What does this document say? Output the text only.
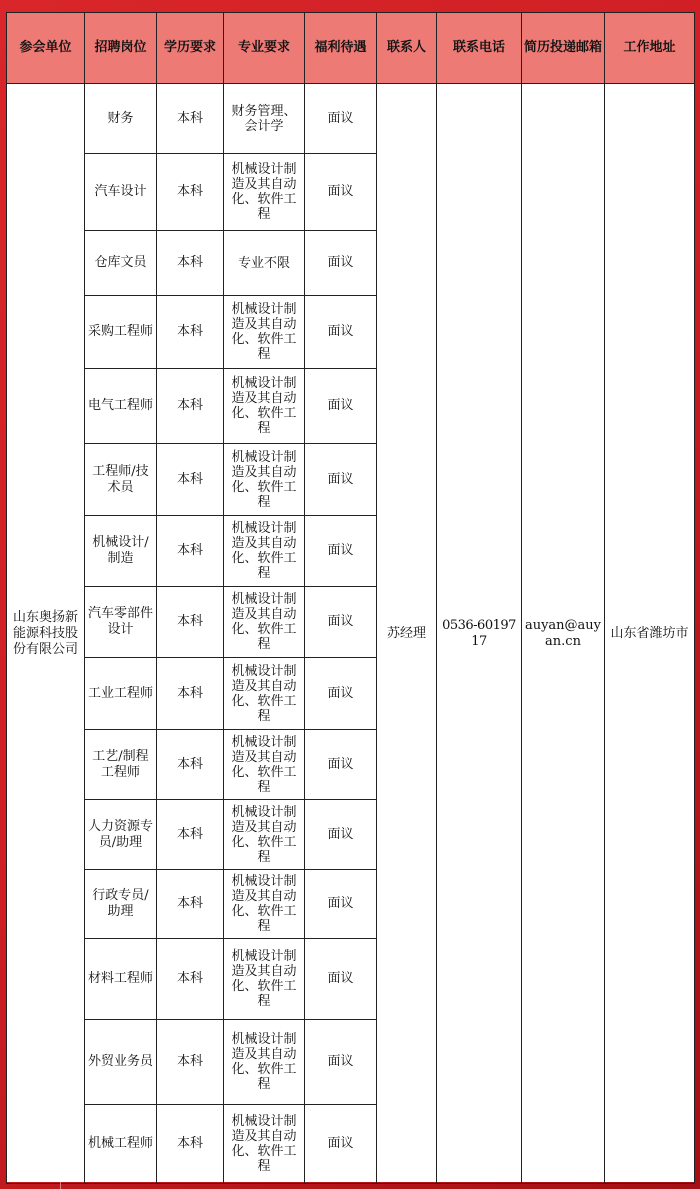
参会单位	招聘岗位	学历要求	专业要求	福利待遇	联系人	联系电话	简历投递邮箱	工作地址
山东奥扬新能源科技股份有限公司	财务	本科	财务管理、会计学	面议	苏经理	0536-6019717	auyan@auyan.cn	山东省潍坊市
	汽车设计	本科	机械设计制造及其自动化、软件工程	面议				
	仓库文员	本科	专业不限	面议				
	采购工程师	本科	机械设计制造及其自动化、软件工程	面议				
	电气工程师	本科	机械设计制造及其自动化、软件工程	面议				
	工程师/技术员	本科	机械设计制造及其自动化、软件工程	面议				
	机械设计/制造	本科	机械设计制造及其自动化、软件工程	面议				
	汽车零部件设计	本科	机械设计制造及其自动化、软件工程	面议				
	工业工程师	本科	机械设计制造及其自动化、软件工程	面议				
	工艺/制程工程师	本科	机械设计制造及其自动化、软件工程	面议				
	人力资源专员/助理	本科	机械设计制造及其自动化、软件工程	面议				
	行政专员/助理	本科	机械设计制造及其自动化、软件工程	面议				
	材料工程师	本科	机械设计制造及其自动化、软件工程	面议				
	外贸业务员	本科	机械设计制造及其自动化、软件工程	面议				
	机械工程师	本科	机械设计制造及其自动化、软件工程	面议				
